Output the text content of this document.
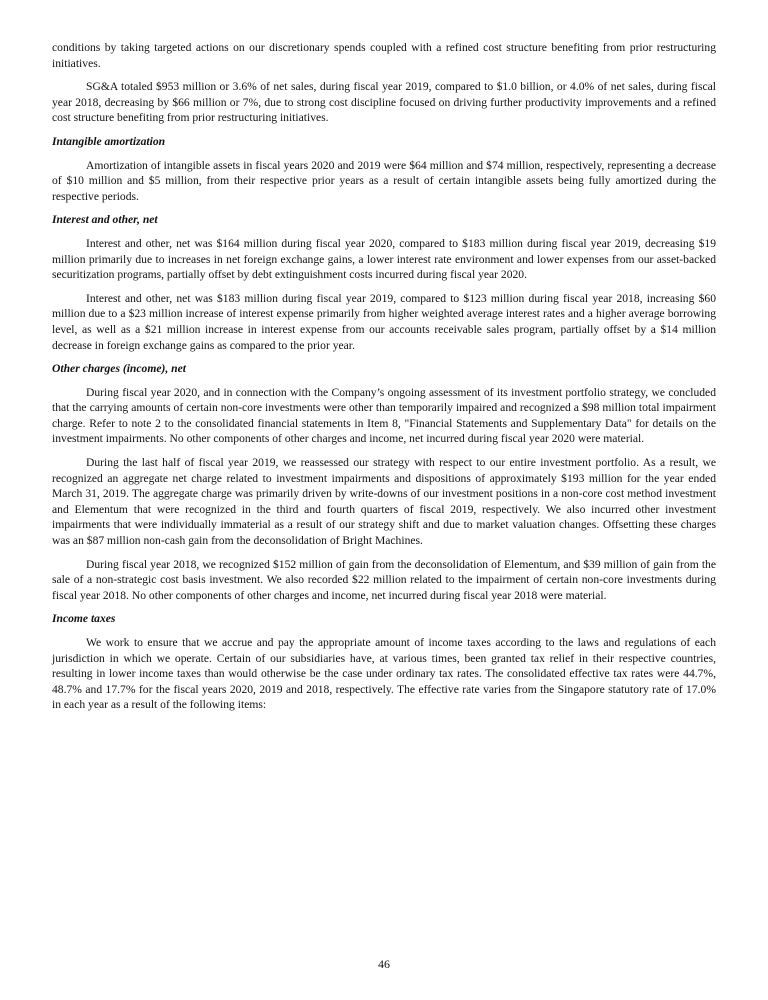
conditions by taking targeted actions on our discretionary spends coupled with a refined cost structure benefiting from prior restructuring initiatives.

SG&A totaled $953 million or 3.6% of net sales, during fiscal year 2019, compared to $1.0 billion, or 4.0% of net sales, during fiscal year 2018, decreasing by $66 million or 7%, due to strong cost discipline focused on driving further productivity improvements and a refined cost structure benefiting from prior restructuring initiatives.

Intangible amortization

Amortization of intangible assets in fiscal years 2020 and 2019 were $64 million and $74 million, respectively, representing a decrease of $10 million and $5 million, from their respective prior years as a result of certain intangible assets being fully amortized during the respective periods.

Interest and other, net

Interest and other, net was $164 million during fiscal year 2020, compared to $183 million during fiscal year 2019, decreasing $19 million primarily due to increases in net foreign exchange gains, a lower interest rate environment and lower expenses from our asset-backed securitization programs, partially offset by debt extinguishment costs incurred during fiscal year 2020.

Interest and other, net was $183 million during fiscal year 2019, compared to $123 million during fiscal year 2018, increasing $60 million due to a $23 million increase of interest expense primarily from higher weighted average interest rates and a higher average borrowing level, as well as a $21 million increase in interest expense from our accounts receivable sales program, partially offset by a $14 million decrease in foreign exchange gains as compared to the prior year.

Other charges (income), net

During fiscal year 2020, and in connection with the Company’s ongoing assessment of its investment portfolio strategy, we concluded that the carrying amounts of certain non-core investments were other than temporarily impaired and recognized a $98 million total impairment charge. Refer to note 2 to the consolidated financial statements in Item 8, "Financial Statements and Supplementary Data" for details on the investment impairments. No other components of other charges and income, net incurred during fiscal year 2020 were material.

During the last half of fiscal year 2019, we reassessed our strategy with respect to our entire investment portfolio. As a result, we recognized an aggregate net charge related to investment impairments and dispositions of approximately $193 million for the year ended March 31, 2019. The aggregate charge was primarily driven by write-downs of our investment positions in a non-core cost method investment and Elementum that were recognized in the third and fourth quarters of fiscal 2019, respectively. We also incurred other investment impairments that were individually immaterial as a result of our strategy shift and due to market valuation changes. Offsetting these charges was an $87 million non-cash gain from the deconsolidation of Bright Machines.

During fiscal year 2018, we recognized $152 million of gain from the deconsolidation of Elementum, and $39 million of gain from the sale of a non-strategic cost basis investment. We also recorded $22 million related to the impairment of certain non-core investments during fiscal year 2018. No other components of other charges and income, net incurred during fiscal year 2018 were material.

Income taxes

We work to ensure that we accrue and pay the appropriate amount of income taxes according to the laws and regulations of each jurisdiction in which we operate. Certain of our subsidiaries have, at various times, been granted tax relief in their respective countries, resulting in lower income taxes than would otherwise be the case under ordinary tax rates. The consolidated effective tax rates were 44.7%, 48.7% and 17.7% for the fiscal years 2020, 2019 and 2018, respectively. The effective rate varies from the Singapore statutory rate of 17.0% in each year as a result of the following items:

46
